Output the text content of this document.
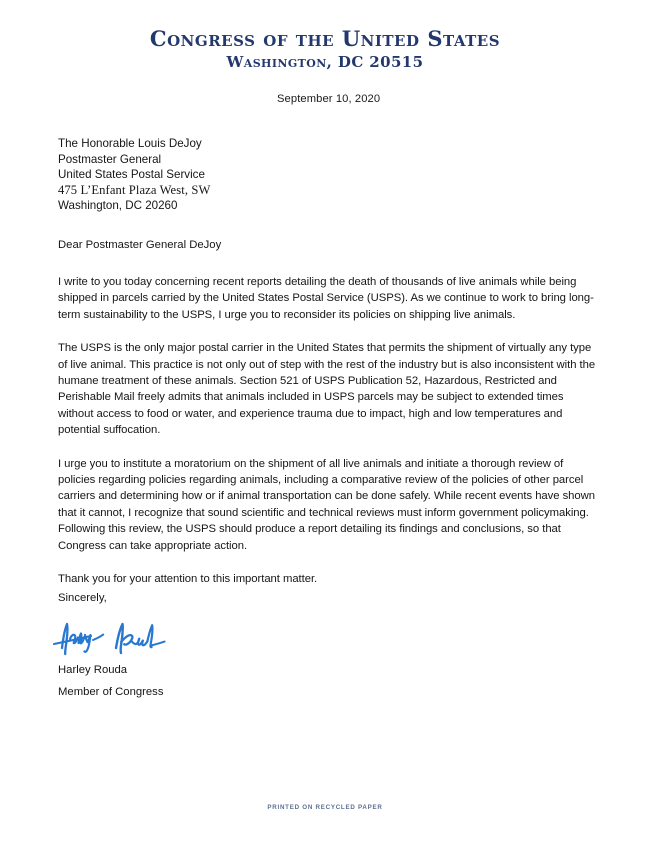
Congress of the United States
Washington, DC 20515
September 10, 2020
The Honorable Louis DeJoy
Postmaster General
United States Postal Service
475 L’Enfant Plaza West, SW
Washington, DC 20260
Dear Postmaster General DeJoy

I write to you today concerning recent reports detailing the death of thousands of live animals while being shipped in parcels carried by the United States Postal Service (USPS). As we continue to work to bring long-term sustainability to the USPS, I urge you to reconsider its policies on shipping live animals.

The USPS is the only major postal carrier in the United States that permits the shipment of virtually any type of live animal. This practice is not only out of step with the rest of the industry but is also inconsistent with the humane treatment of these animals. Section 521 of USPS Publication 52, Hazardous, Restricted and Perishable Mail freely admits that animals included in USPS parcels may be subject to extended times without access to food or water, and experience trauma due to impact, high and low temperatures and potential suffocation.

I urge you to institute a moratorium on the shipment of all live animals and initiate a thorough review of policies regarding policies regarding animals, including a comparative review of the policies of other parcel carriers and determining how or if animal transportation can be done safely. While recent events have shown that it cannot, I recognize that sound scientific and technical reviews must inform government policymaking. Following this review, the USPS should produce a report detailing its findings and conclusions, so that Congress can take appropriate action.

Thank you for your attention to this important matter.

Sincerely,
Harley Rouda
Member of Congress
PRINTED ON RECYCLED PAPER
